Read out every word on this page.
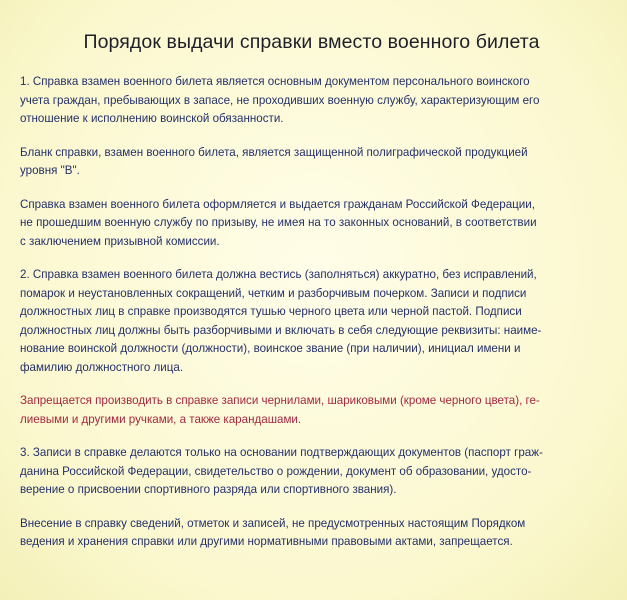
Порядок выдачи справки вместо военного билета
1. Справка взамен военного билета является основным документом персонального воинского
учета граждан, пребывающих в запасе, не проходивших военную службу, характеризующим его
отношение к исполнению воинской обязанности.
Бланк справки, взамен военного билета, является защищенной полиграфической продукцией
уровня "В".
Справка взамен военного билета оформляется и выдается гражданам Российской Федерации,
не прошедшим военную службу по призыву, не имея на то законных оснований, в соответствии
с заключением призывной комиссии.
2. Справка взамен военного билета должна вестись (заполняться) аккуратно, без исправлений,
помарок и неустановленных сокращений, четким и разборчивым почерком. Записи и подписи
должностных лиц в справке производятся тушью черного цвета или черной пастой. Подписи
должностных лиц должны быть разборчивыми и включать в себя следующие реквизиты: наиме-
нование воинской должности (должности), воинское звание (при наличии), инициал имени и
фамилию должностного лица.
Запрещается производить в справке записи чернилами, шариковыми (кроме черного цвета), ге-
лиевыми и другими ручками, а также карандашами.
3. Записи в справке делаются только на основании подтверждающих документов (паспорт граж-
данина Российской Федерации, свидетельство о рождении, документ об образовании, удосто-
верение о присвоении спортивного разряда или спортивного звания).
Внесение в справку сведений, отметок и записей, не предусмотренных настоящим Порядком
ведения и хранения справки или другими нормативными правовыми актами, запрещается.
